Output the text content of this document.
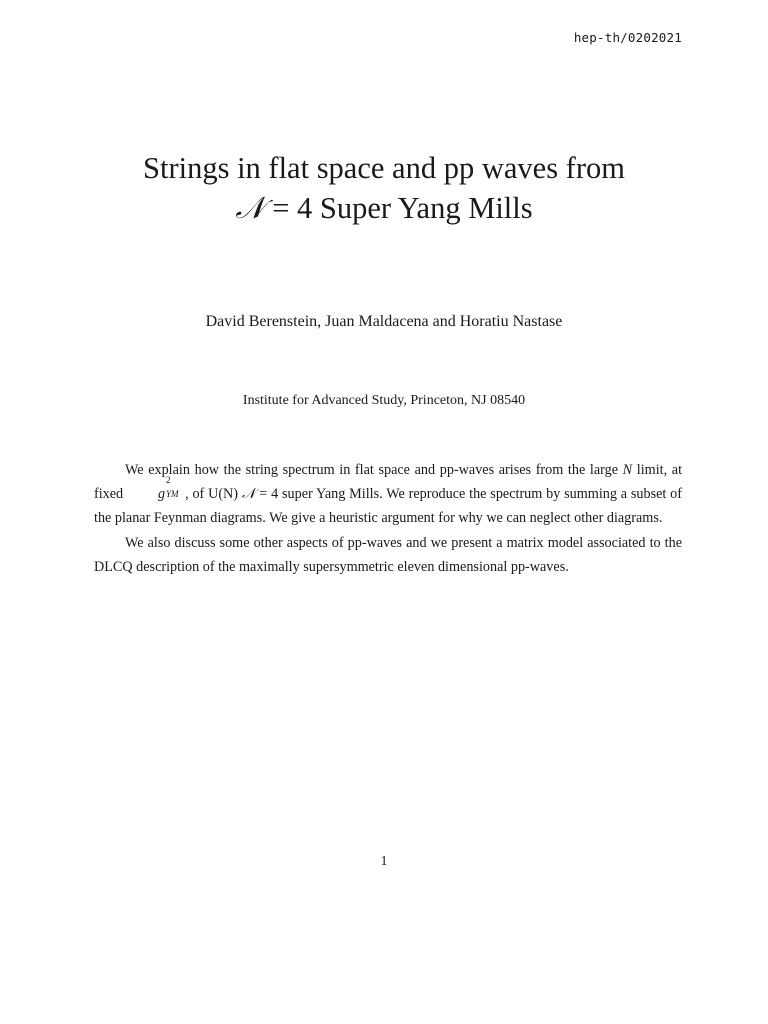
hep-th/0202021
Strings in flat space and pp waves from
𝒩 = 4 Super Yang Mills
David Berenstein, Juan Maldacena and Horatiu Nastase
Institute for Advanced Study, Princeton, NJ 08540

We explain how the string spectrum in flat space and pp-waves arises from the large N limit, at fixed g
2
YM , of U(N) 𝒩 = 4 super Yang Mills. We reproduce the spectrum by summing a subset of the planar Feynman diagrams. We give a heuristic argument for why we can neglect other diagrams.

We also discuss some other aspects of pp-waves and we present a matrix model associated to the DLCQ description of the maximally supersymmetric eleven dimensional pp-waves.

1
